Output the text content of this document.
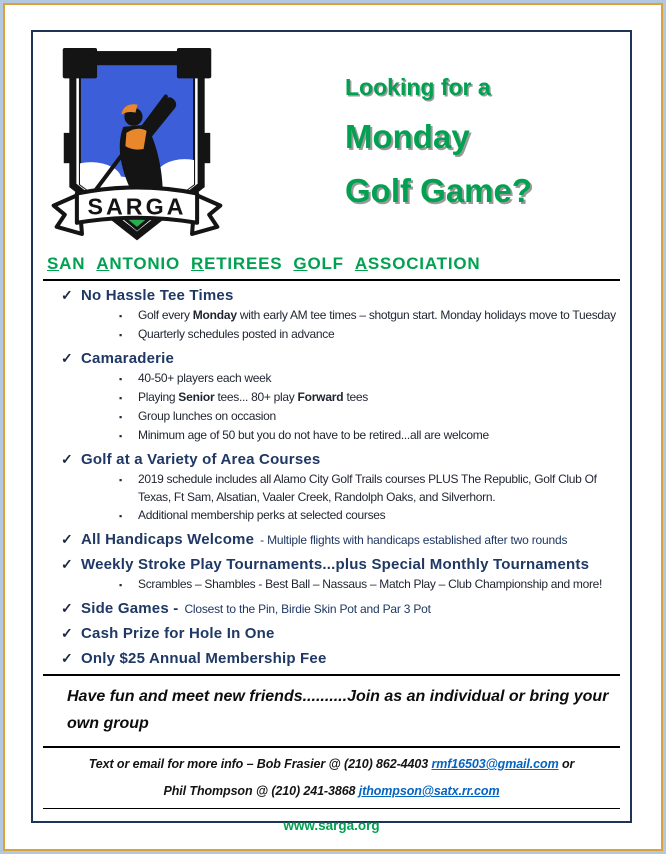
SARGA
Looking for a
Monday
Golf Game?
SAN ANTONIO RETIREES GOLF ASSOCIATION
✓ No Hassle Tee Times
▪	Golf every Monday with early AM tee times – shotgun start. Monday holidays move to Tuesday
▪	Quarterly schedules posted in advance
✓ Camaraderie
▪	40-50+ players each week
▪	Playing Senior tees... 80+ play Forward tees
▪	Group lunches on occasion
▪	Minimum age of 50 but you do not have to be retired...all are welcome
✓ Golf at a Variety of Area Courses
▪	2019 schedule includes all Alamo City Golf Trails courses PLUS The Republic, Golf Club Of Texas, Ft Sam, Alsatian, Vaaler Creek, Randolph Oaks, and Silverhorn.
▪	Additional membership perks at selected courses
✓ All Handicaps Welcome - Multiple flights with handicaps established after two rounds
✓ Weekly Stroke Play Tournaments...plus Special Monthly Tournaments
▪	Scrambles – Shambles - Best Ball – Nassaus – Match Play – Club Championship and more!
✓ Side Games - Closest to the Pin, Birdie Skin Pot and Par 3 Pot
✓ Cash Prize for Hole In One
✓ Only $25 Annual Membership Fee
Have fun and meet new friends..........Join as an individual or bring your own group
Text or email for more info – Bob Frasier @ (210) 862-4403 rmf16503@gmail.com or
Phil Thompson @ (210) 241-3868 jthompson@satx.rr.com
www.sarga.org
